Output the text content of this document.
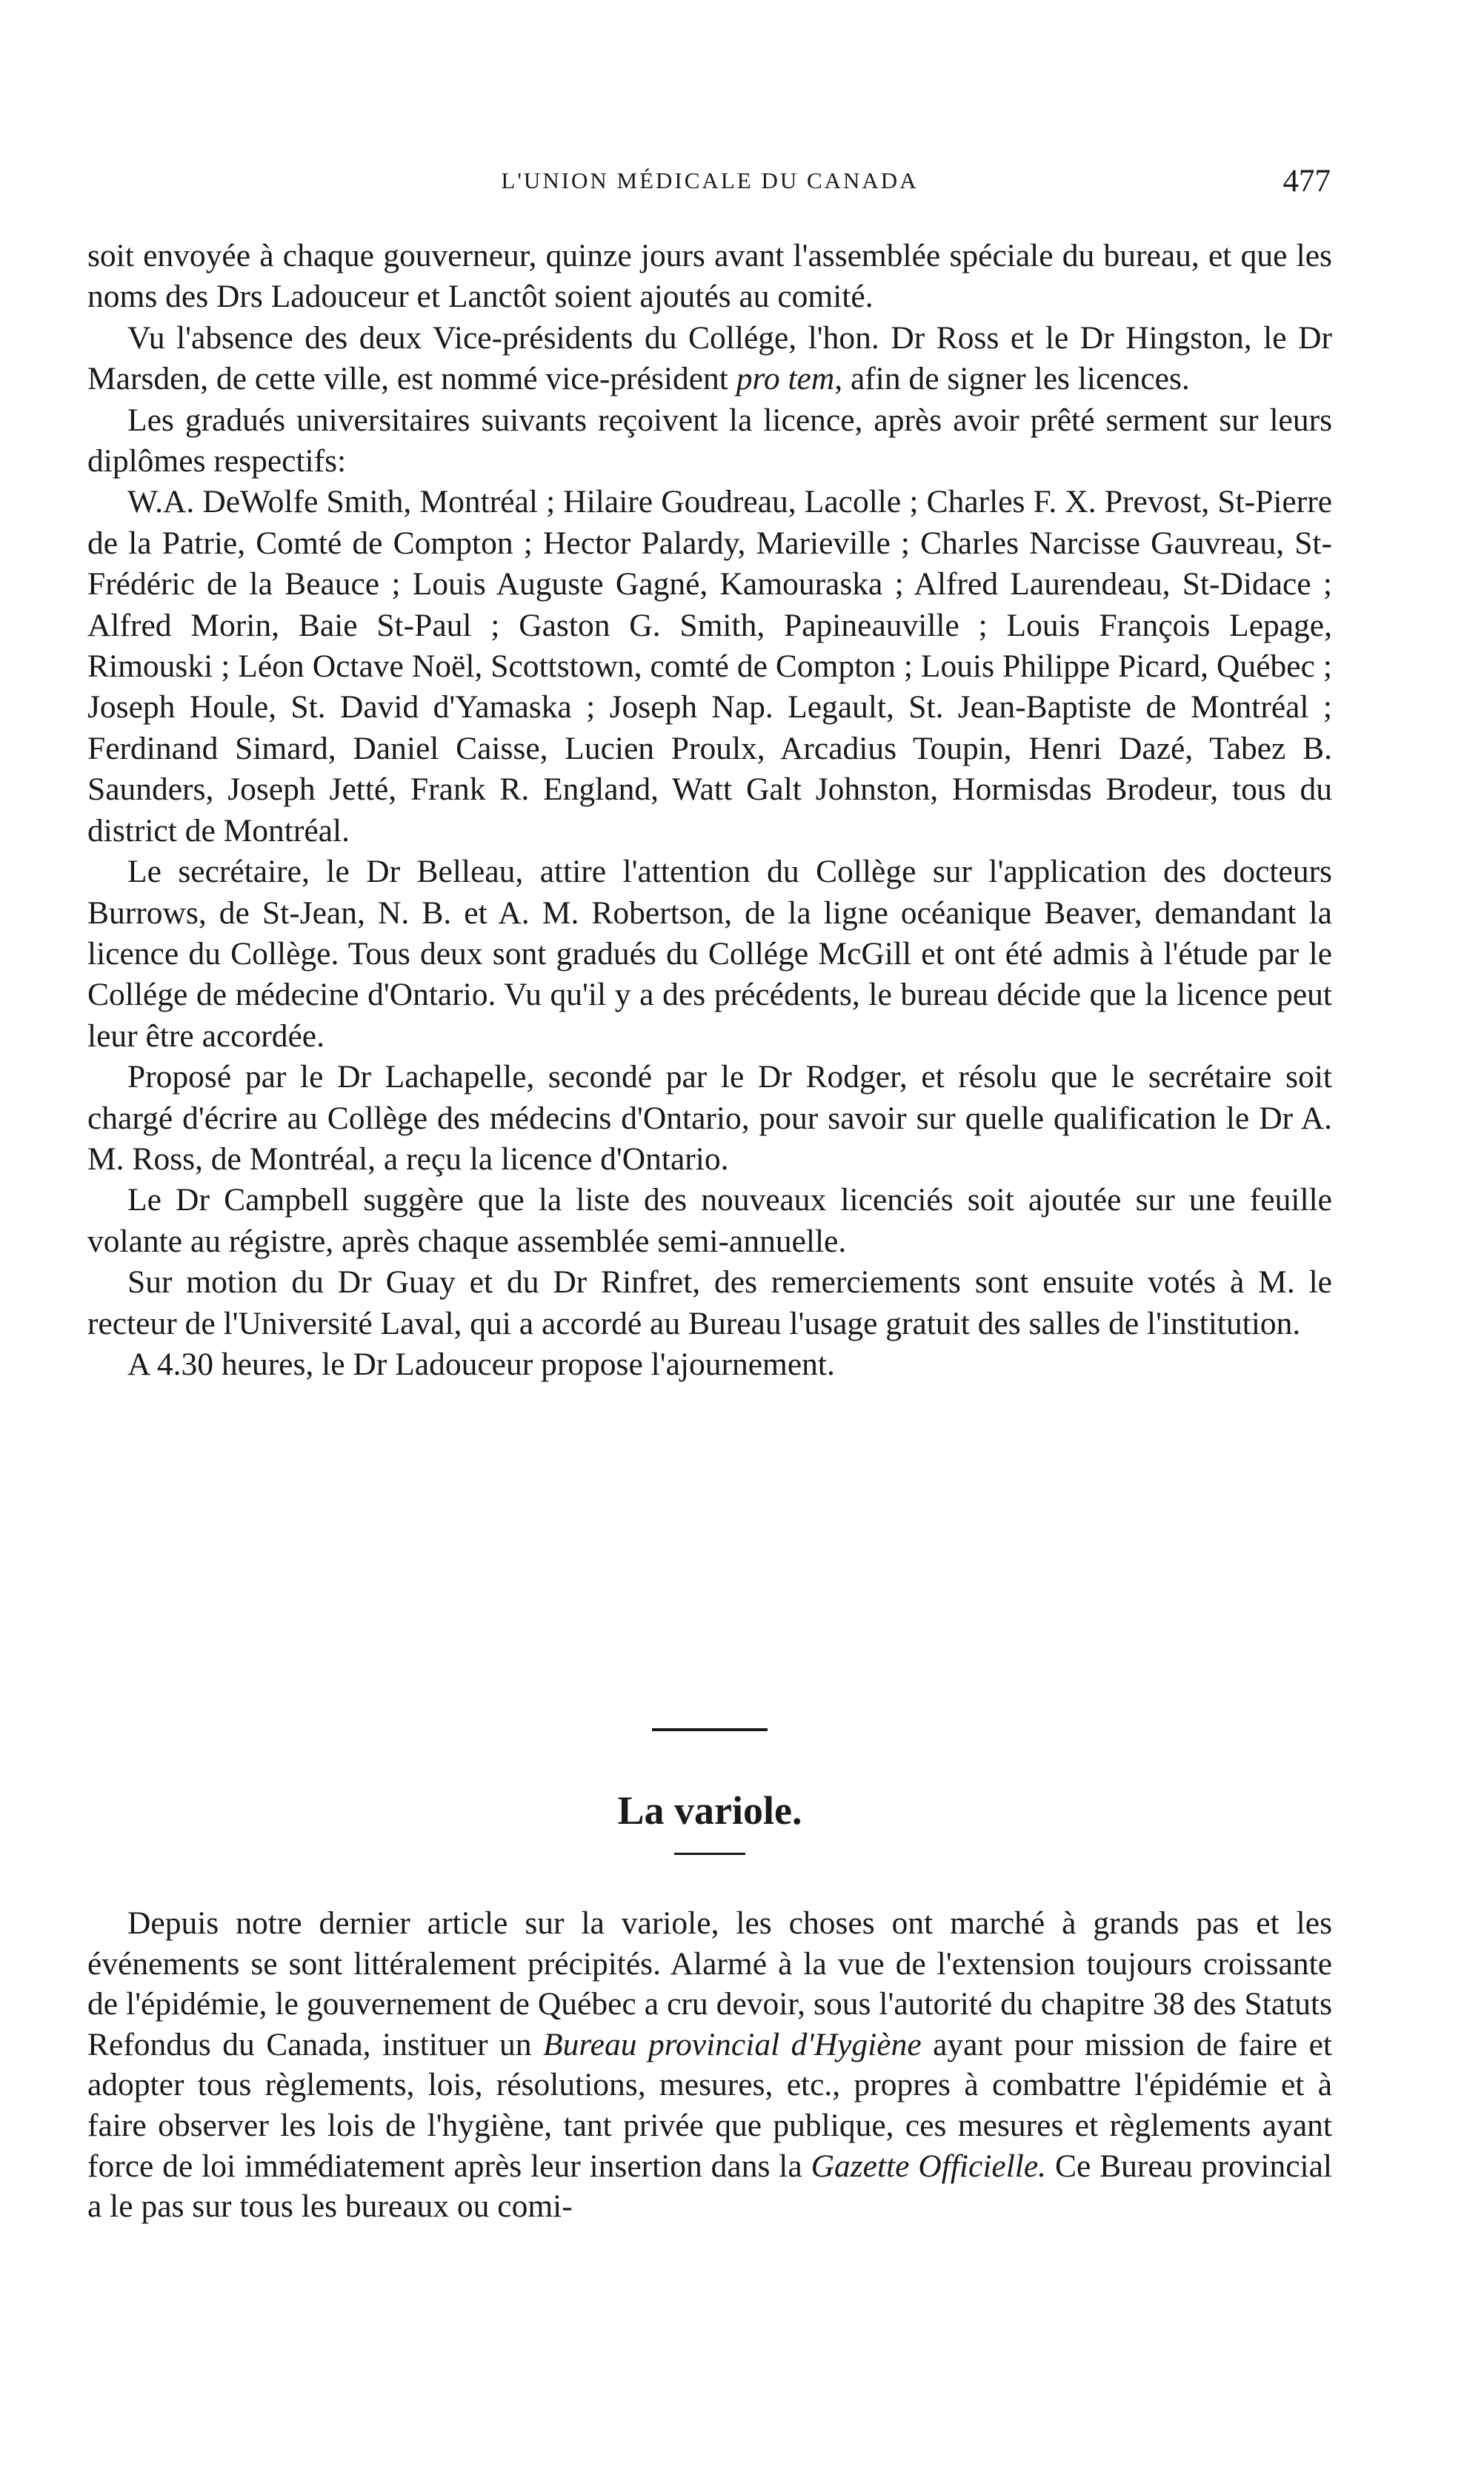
L'UNION MÉDICALE DU CANADA	477

soit envoyée à chaque gouverneur, quinze jours avant l'assemblée spéciale du bureau, et que les noms des Drs Ladouceur et Lanctôt soient ajoutés au comité.

Vu l'absence des deux Vice-présidents du Collége, l'hon. Dr Ross et le Dr Hingston, le Dr Marsden, de cette ville, est nommé vice-président pro tem, afin de signer les licences.

Les gradués universitaires suivants reçoivent la licence, après avoir prêté serment sur leurs diplômes respectifs:

W.A. DeWolfe Smith, Montréal ; Hilaire Goudreau, Lacolle ; Charles F. X. Prevost, St-Pierre de la Patrie, Comté de Compton ; Hector Palardy, Marieville ; Charles Narcisse Gauvreau, St-Frédéric de la Beauce ; Louis Auguste Gagné, Kamouraska ; Alfred Laurendeau, St-Didace ; Alfred Morin, Baie St-Paul ; Gaston G. Smith, Papineauville ; Louis François Lepage, Rimouski ; Léon Octave Noël, Scottstown, comté de Compton ; Louis Philippe Picard, Québec ; Joseph Houle, St. David d'Yamaska ; Joseph Nap. Legault, St. Jean-Baptiste de Montréal ; Ferdinand Simard, Daniel Caisse, Lucien Proulx, Arcadius Toupin, Henri Dazé, Tabez B. Saunders, Joseph Jetté, Frank R. England, Watt Galt Johnston, Hormisdas Brodeur, tous du district de Montréal.

Le secrétaire, le Dr Belleau, attire l'attention du Collège sur l'application des docteurs Burrows, de St-Jean, N. B. et A. M. Robertson, de la ligne océanique Beaver, demandant la licence du Collège. Tous deux sont gradués du Collége McGill et ont été admis à l'étude par le Collége de médecine d'Ontario. Vu qu'il y a des précédents, le bureau décide que la licence peut leur être accordée.

Proposé par le Dr Lachapelle, secondé par le Dr Rodger, et résolu que le secrétaire soit chargé d'écrire au Collège des médecins d'Ontario, pour savoir sur quelle qualification le Dr A. M. Ross, de Montréal, a reçu la licence d'Ontario.

Le Dr Campbell suggère que la liste des nouveaux licenciés soit ajoutée sur une feuille volante au régistre, après chaque assemblée semi-annuelle.

Sur motion du Dr Guay et du Dr Rinfret, des remerciements sont ensuite votés à M. le recteur de l'Université Laval, qui a accordé au Bureau l'usage gratuit des salles de l'institution.

A 4.30 heures, le Dr Ladouceur propose l'ajournement.

La variole.

Depuis notre dernier article sur la variole, les choses ont marché à grands pas et les événements se sont littéralement précipités. Alarmé à la vue de l'extension toujours croissante de l'épidémie, le gouvernement de Québec a cru devoir, sous l'autorité du chapitre 38 des Statuts Refondus du Canada, instituer un Bureau provincial d'Hygiène ayant pour mission de faire et adopter tous règlements, lois, résolutions, mesures, etc., propres à combattre l'épidémie et à faire observer les lois de l'hygiène, tant privée que publique, ces mesures et règlements ayant force de loi immédiatement après leur insertion dans la Gazette Officielle. Ce Bureau provincial a le pas sur tous les bureaux ou comi-
